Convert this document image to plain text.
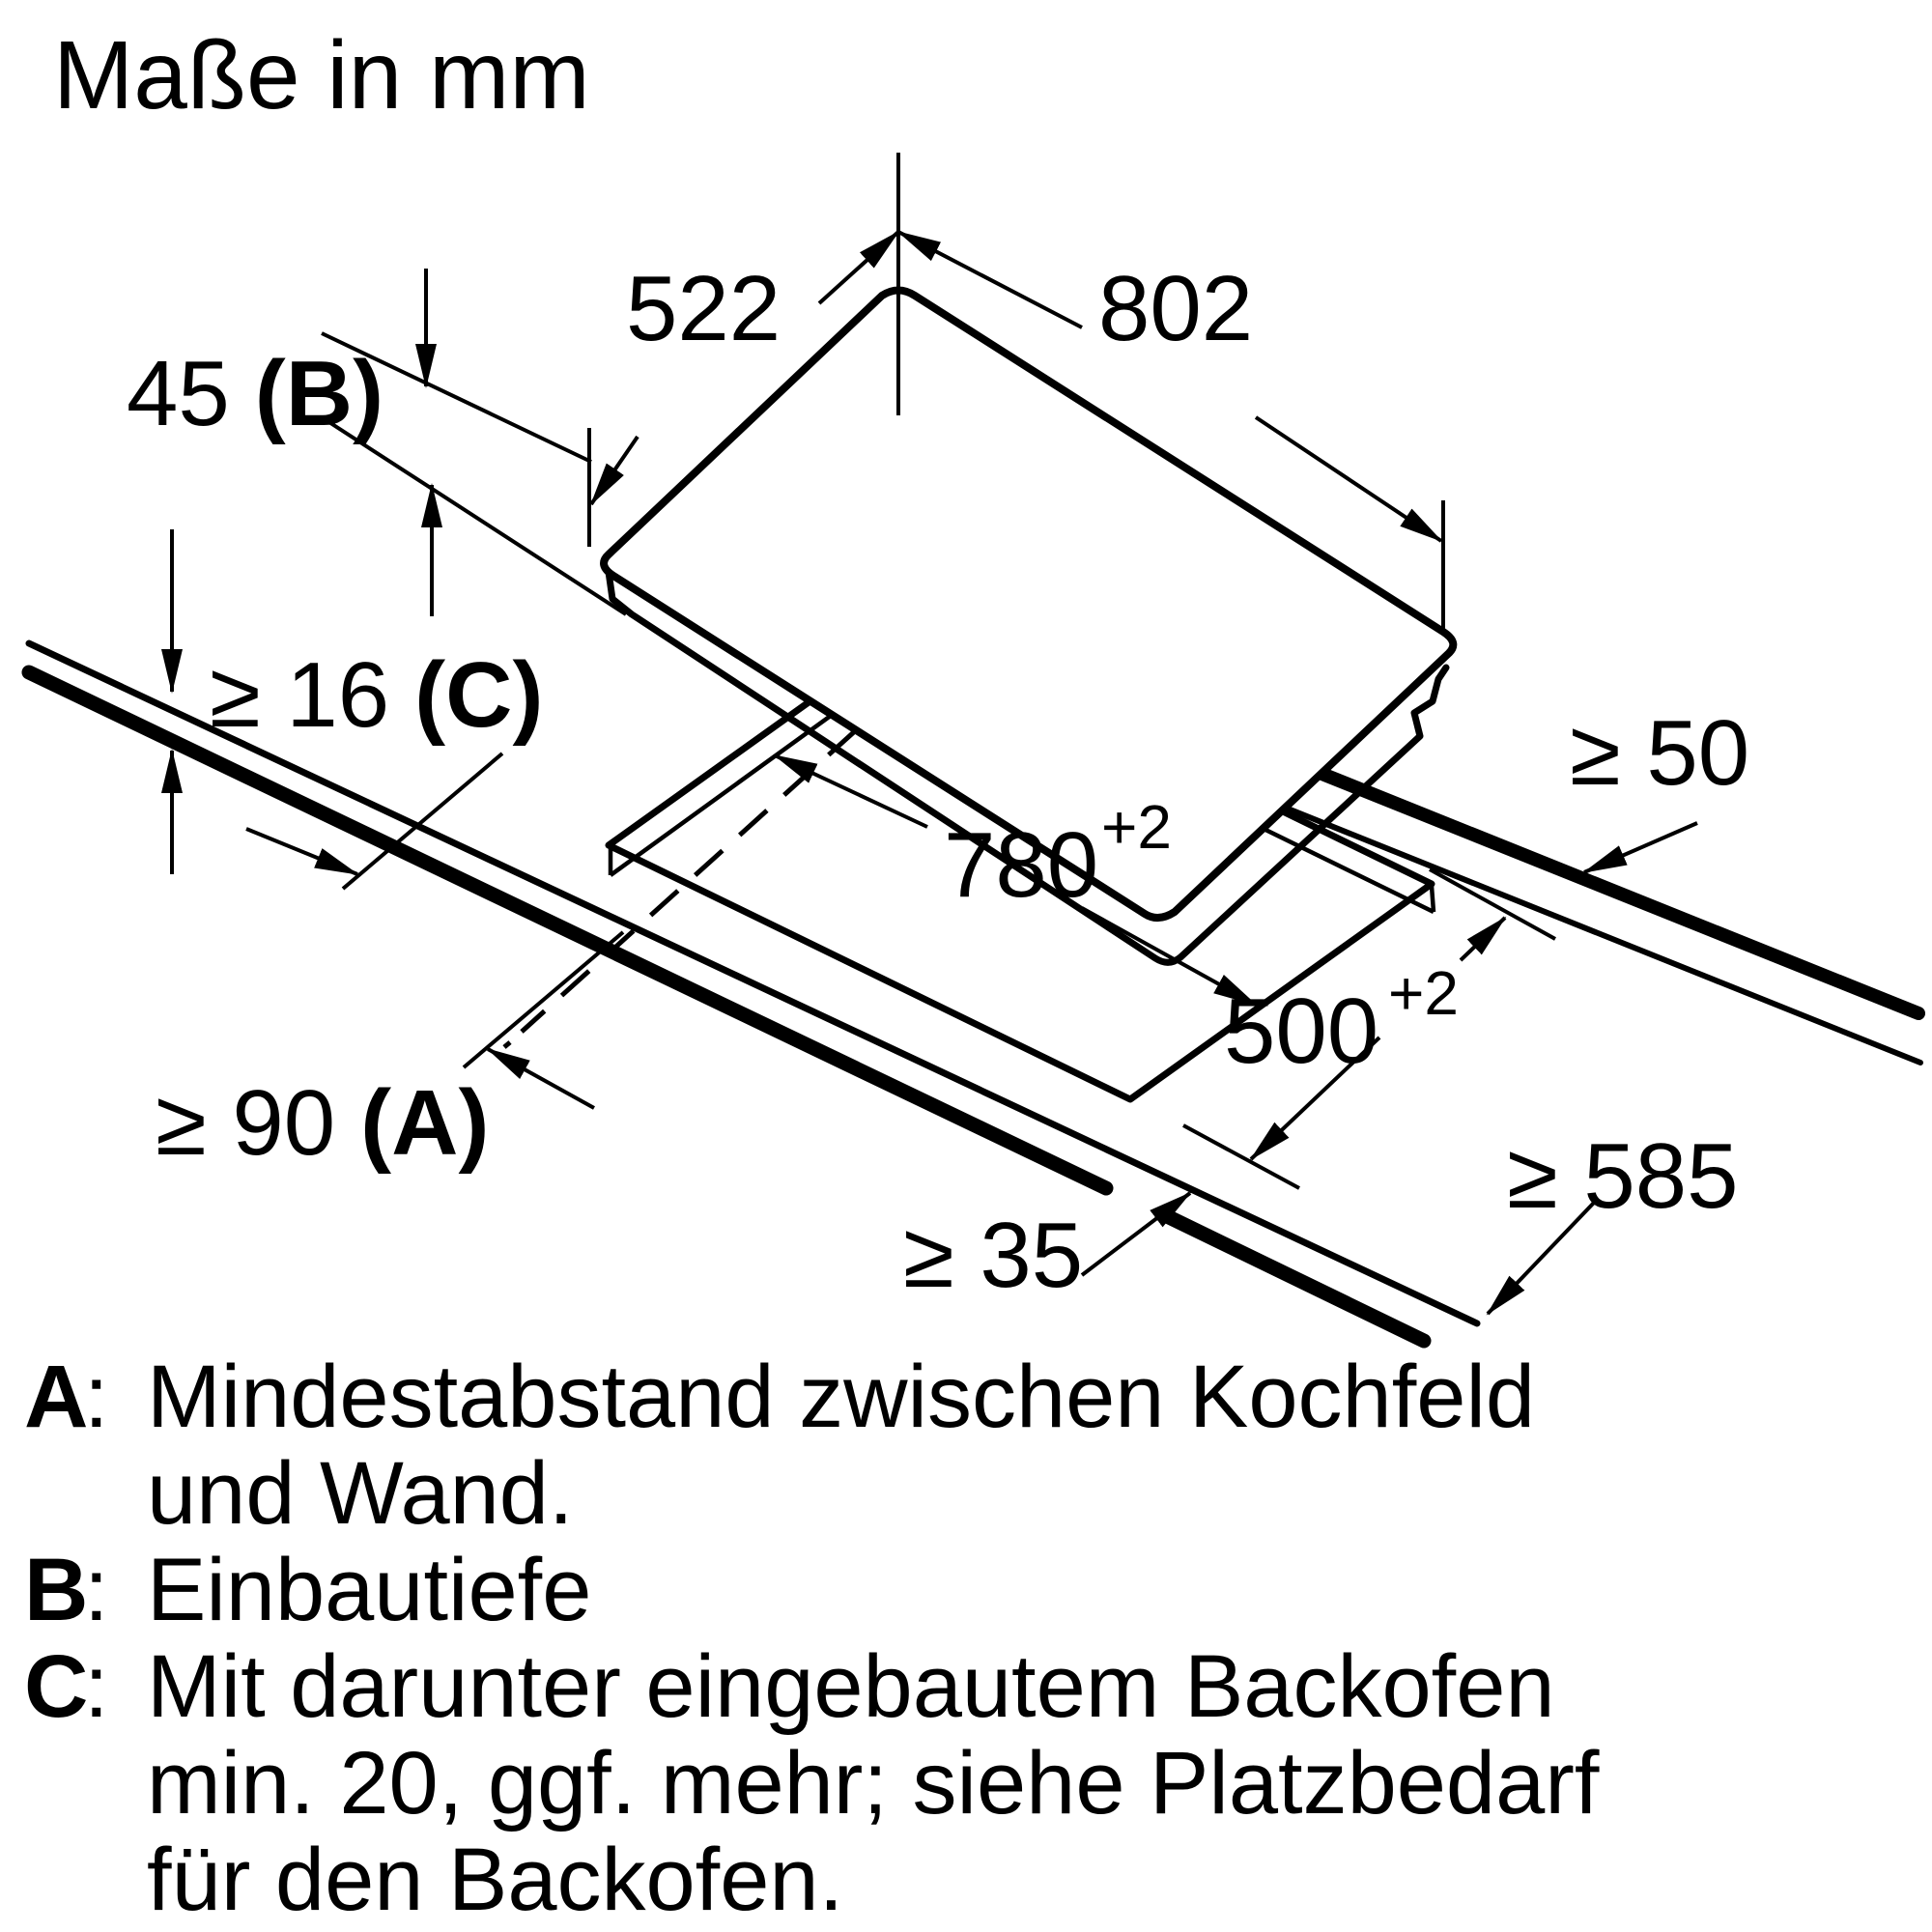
Maße in mm
522	802
45 (B)
≥ 16 (C)
≥ 90 (A)
780 +2
500 +2
≥ 50
≥ 585
≥ 35
A
: Mindestabstand zwischen Kochfeld
und Wand.
B
: Einbautiefe
C
: Mit darunter eingebautem Backofen
min. 20, ggf. mehr; siehe Platzbedarf
für den Backofen.
